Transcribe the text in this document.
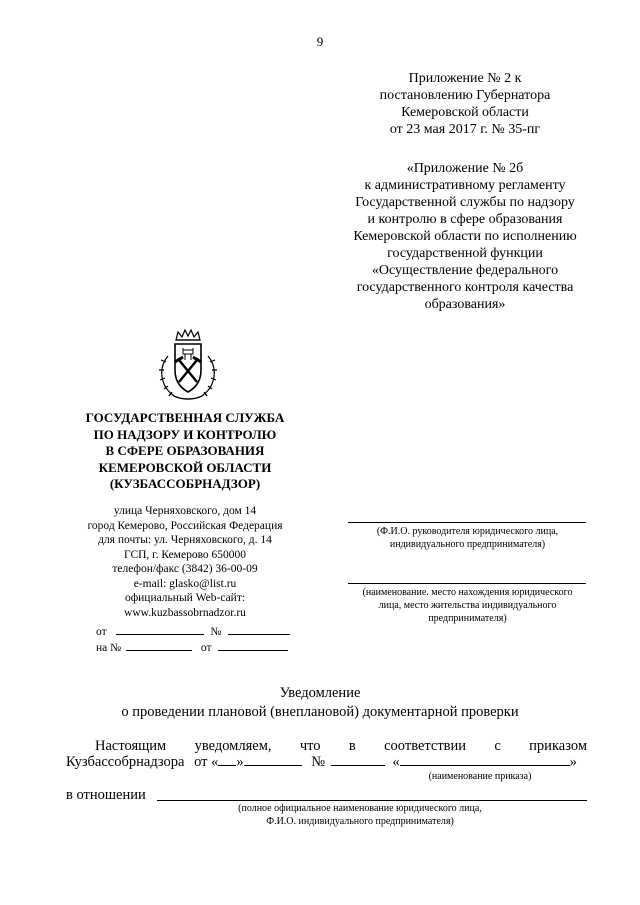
9
Приложение № 2 к
постановлению Губернатора
Кемеровской области
от 23 мая 2017 г. № 35-пг
«Приложение № 2б
к административному регламенту
Государственной службы по надзору
и контролю в сфере образования
Кемеровской области по исполнению
государственной функции
«Осуществление федерального
государственного контроля качества
образования»
ГОСУДАРСТВЕННАЯ СЛУЖБА
ПО НАДЗОРУ И КОНТРОЛЮ
В СФЕРЕ ОБРАЗОВАНИЯ
КЕМЕРОВСКОЙ ОБЛАСТИ
(КУЗБАССОБРНАДЗОР)
улица Черняховского, дом 14
город Кемерово, Российская Федерация
для почты: ул. Черняховского, д. 14
ГСП, г. Кемерово 650000
телефон/факс (3842) 36-00-09
e-mail: glasko@list.ru
официальный Web-сайт:
www.kuzbassobrnadzor.ru
от	№
на №	от
(Ф.И.О. руководителя юридического лица,
индивидуального предпринимателя)
(наименование. место нахождения юридического
лица, место жительства индивидуального
предпринимателя)
Уведомление
о проведении плановой (внеплановой) документарной проверки
Настоящим уведомляем, что в соответствии с приказом
Кузбассобрнадзора от « »	№	«	»
(наименование приказа)
в отношении
(полное официальное наименование юридического лица,
Ф.И.О. индивидуального предпринимателя)
